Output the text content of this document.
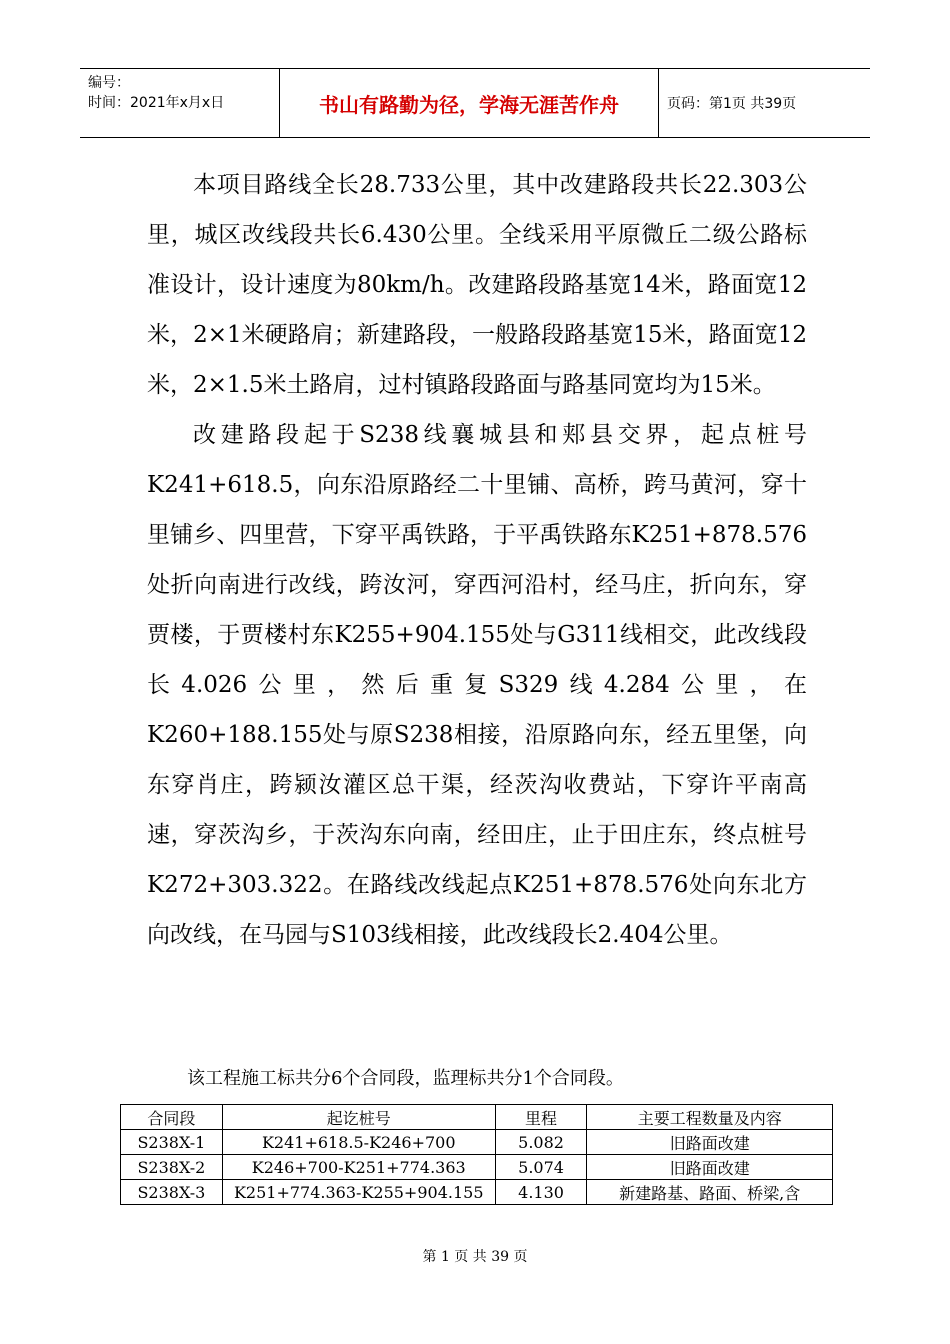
编号：
时间：2021年x月x日	书山有路勤为径，学海无涯苦作舟	页码：第1页 共39页

本项目路线全长28.733公里，其中改建路段共长22.303公里，城区改线段共长6.430公里。全线采用平原微丘二级公路标准设计，设计速度为80km/h。改建路段路基宽14米，路面宽12米，2×1米硬路肩；新建路段，一般路段路基宽15米，路面宽12米，2×1.5米土路肩，过村镇路段路面与路基同宽均为15米。

改建路段起于S238线襄城县和郏县交界，起点桩号K241+618.5，向东沿原路经二十里铺、高桥，跨马黄河，穿十里铺乡、四里营，下穿平禹铁路，于平禹铁路东K251+878.576处折向南进行改线，跨汝河，穿西河沿村，经马庄，折向东，穿贾楼，于贾楼村东K255+904.155处与G311线相交，此改线段长4.026公里，然后重复S329线4.284公里，在K260+188.155处与原S238相接，沿原路向东，经五里堡，向东穿肖庄，跨颍汝灌区总干渠，经茨沟收费站，下穿许平南高速，穿茨沟乡，于茨沟东向南，经田庄，止于田庄东，终点桩号K272+303.322。在路线改线起点K251+878.576处向东北方向改线，在马园与S103线相接，此改线段长2.404公里。

该工程施工标共分6个合同段，监理标共分1个合同段。
合同段	起讫桩号	里程	主要工程数量及内容
S238X-1	K241+618.5-K246+700	5.082	旧路面改建
S238X-2	K246+700-K251+774.363	5.074	旧路面改建
S238X-3	K251+774.363-K255+904.155	4.130	新建路基、路面、桥梁,含
第 1 页 共 39 页
